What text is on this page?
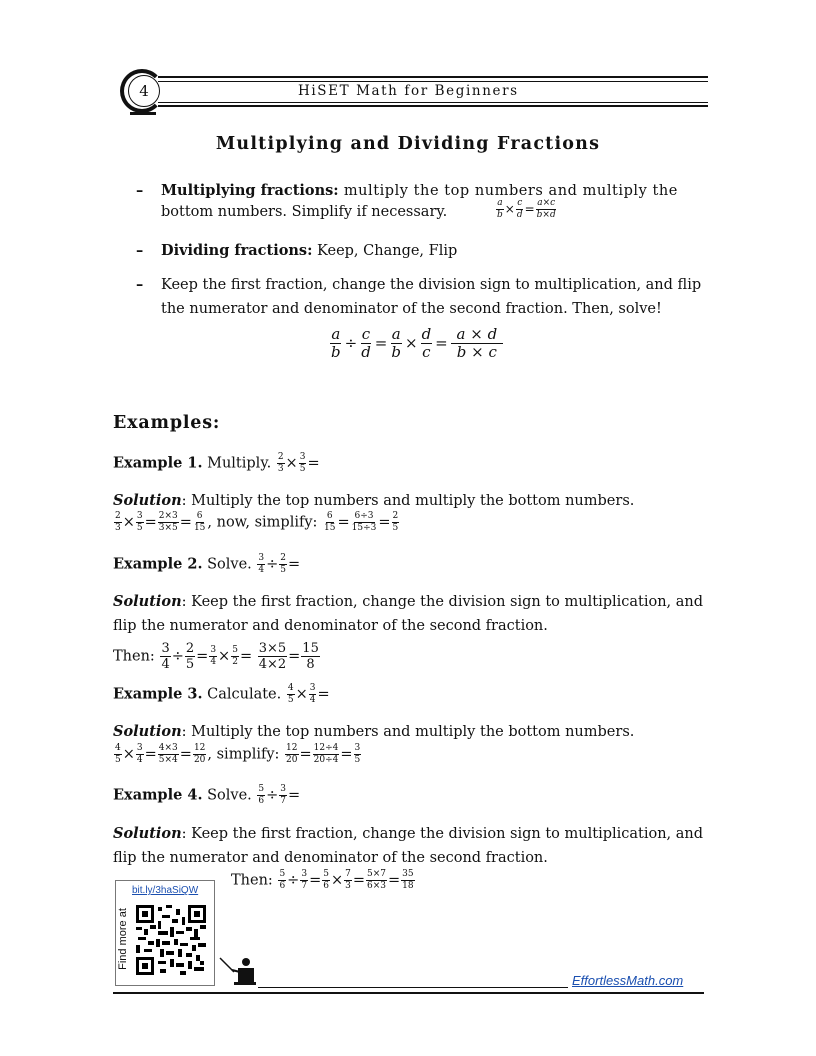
4	HiSET Math for Beginners
Multiplying and Dividing Fractions
– Multiplying fractions: multiply the top numbers and multiply the
bottom numbers. Simplify if necessary.	$\frac{a}{b} \times \frac{c}{d} = \frac{a\times c}{b\times d}$
– Dividing fractions: Keep, Change, Flip
– Keep the first fraction, change the division sign to multiplication, and flip
the numerator and denominator of the second fraction. Then, solve!
$\frac{a}{b} \div \frac{c}{d} = \frac{a}{b} \times \frac{d}{c} = \frac{a \times d}{b \times c}$
Examples:
Example 1. Multiply. $\frac{2}{3} \times \frac{3}{5}$ =
Solution: Multiply the top numbers and multiply the bottom numbers.
$\frac{2}{3} \times \frac{3}{5} = \frac{2\times 3}{3\times 5} = \frac{6}{15}$ , now, simplify: $\frac{6}{15} = \frac{6\div 3}{15\div 3} = \frac{2}{5}$
Example 2. Solve. $\frac{3}{4} \div \frac{2}{5}$ =
Solution: Keep the first fraction, change the division sign to multiplication, and
flip the numerator and denominator of the second fraction.
Then: $\frac{3}{4} \div \frac{2}{5} = \frac{3}{4} \times \frac{5}{2} = \frac{3\times 5}{4\times 2} = \frac{15}{8}$
Example 3. Calculate. $\frac{4}{5} \times \frac{3}{4}$ =
Solution: Multiply the top numbers and multiply the bottom numbers.
$\frac{4}{5} \times \frac{3}{4} = \frac{4\times 3}{5\times 4} = \frac{12}{20}$ , simplify: $\frac{12}{20} = \frac{12\div 4}{20\div 4} = \frac{3}{5}$
Example 4. Solve. $\frac{5}{6} \div \frac{3}{7}$ =
Solution: Keep the first fraction, change the division sign to multiplication, and
flip the numerator and denominator of the second fraction.
Then: $\frac{5}{6} \div \frac{3}{7} = \frac{5}{6} \times \frac{7}{3} = \frac{5\times 7}{6\times 3} = \frac{35}{18}$
bit.ly/3haSiQW
Find more at
EffortlessMath.com
